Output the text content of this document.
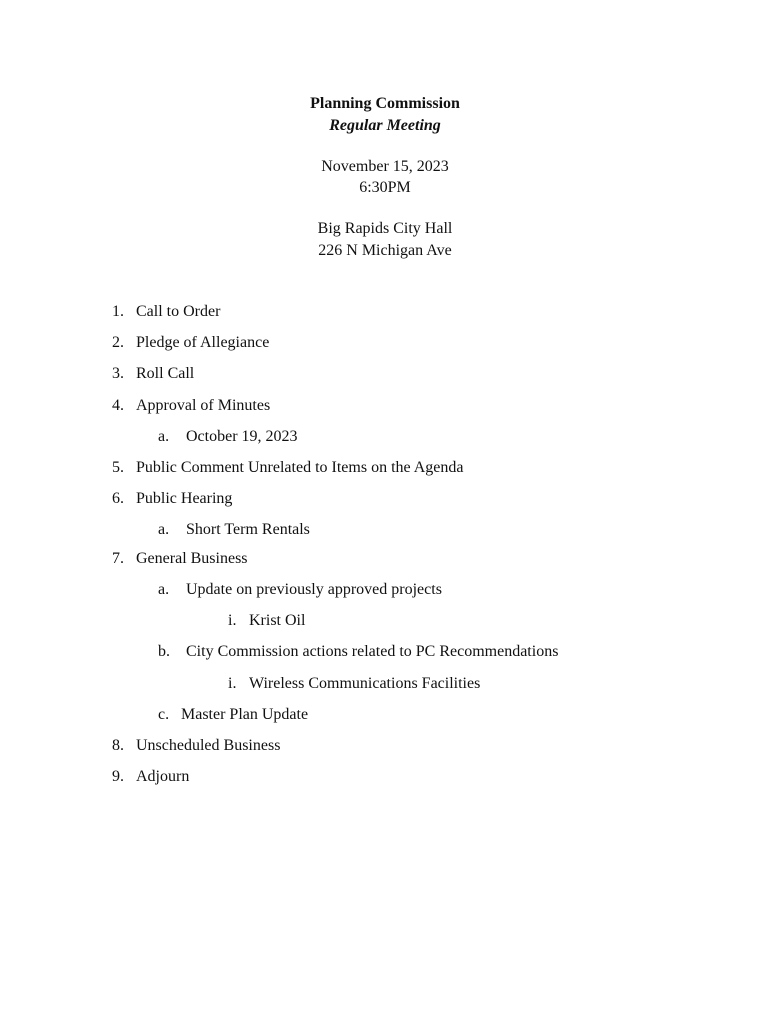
Planning Commission
Regular Meeting
November 15, 2023
6:30PM
Big Rapids City Hall
226 N Michigan Ave
1. Call to Order
2. Pledge of Allegiance
3. Roll Call
4. Approval of Minutes
a. October 19, 2023
5. Public Comment Unrelated to Items on the Agenda
6. Public Hearing
a. Short Term Rentals
7. General Business
a. Update on previously approved projects
i. Krist Oil
b. City Commission actions related to PC Recommendations
i. Wireless Communications Facilities
c. Master Plan Update
8. Unscheduled Business
9. Adjourn
